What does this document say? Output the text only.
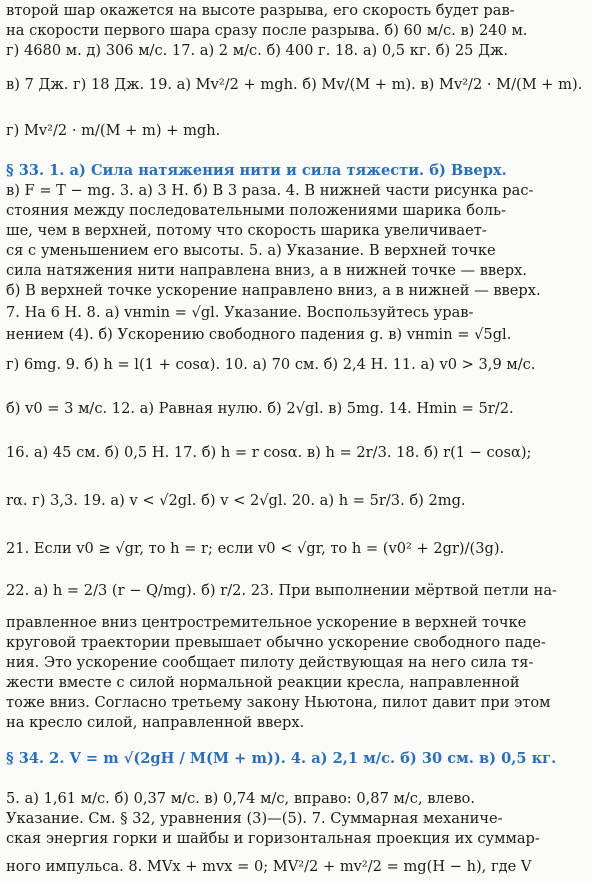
второй шар окажется на высоте разрыва, его скорость будет рав-
на скорости первого шара сразу после разрыва. б) 60 м/с. в) 240 м.
г) 4680 м. д) 306 м/с. 17. а) 2 м/с. б) 400 г. 18. а) 0,5 кг. б) 25 Дж.
в) 7 Дж. г) 18 Дж. 19. а) Mv²/2 + mgh. б) Mv/(M + m). в) Mv²/2 · M/(M + m).
г) Mv²/2 · m/(M + m) + mgh.
§ 33. 1. а) Сила натяжения нити и сила тяжести. б) Вверх.
в) F = T − mg. 3. а) 3 Н. б) В 3 раза. 4. В нижней части рисунка рас-
стояния между последовательными положениями шарика боль-
ше, чем в верхней, потому что скорость шарика увеличивает-
ся с уменьшением его высоты. 5. а) Указание. В верхней точке
сила натяжения нити направлена вниз, а в нижней точке — вверх.
б) В верхней точке ускорение направлено вниз, а в нижней — вверх.
7. На 6 Н. 8. а) vнmin = √gl. Указание. Воспользуйтесь урав-
нением (4). б) Ускорению свободного падения g. в) vнmin = √5gl.
г) 6mg. 9. б) h = l(1 + cosα). 10. а) 70 см. б) 2,4 Н. 11. а) v0 > 3,9 м/с.
б) v0 = 3 м/с. 12. а) Равная нулю. б) 2√gl. в) 5mg. 14. Hmin = 5r/2.
16. а) 45 см. б) 0,5 Н. 17. б) h = r cosα. в) h = 2r/3. 18. б) r(1 − cosα);
rα. г) 3,3. 19. а) v < √2gl. б) v < 2√gl. 20. а) h = 5r/3. б) 2mg.
21. Если v0 ≥ √gr, то h = r; если v0 < √gr, то h = (v0² + 2gr)/(3g).
22. а) h = 2/3 (r − Q/mg). б) r/2. 23. При выполнении мёртвой петли на-
правленное вниз центростремительное ускорение в верхней точке
круговой траектории превышает обычно ускорение свободного паде-
ния. Это ускорение сообщает пилоту действующая на него сила тя-
жести вместе с силой нормальной реакции кресла, направленной
тоже вниз. Согласно третьему закону Ньютона, пилот давит при этом
на кресло силой, направленной вверх.
§ 34. 2. V = m √(2gH / M(M + m)). 4. а) 2,1 м/с. б) 30 см. в) 0,5 кг.
5. а) 1,61 м/с. б) 0,37 м/с. в) 0,74 м/с, вправо: 0,87 м/с, влево.
Указание. См. § 32, уравнения (3)—(5). 7. Суммарная механиче-
ская энергия горки и шайбы и горизонтальная проекция их суммар-
ного импульса. 8. MVx + mvx = 0; MV²/2 + mv²/2 = mg(H − h), где V
